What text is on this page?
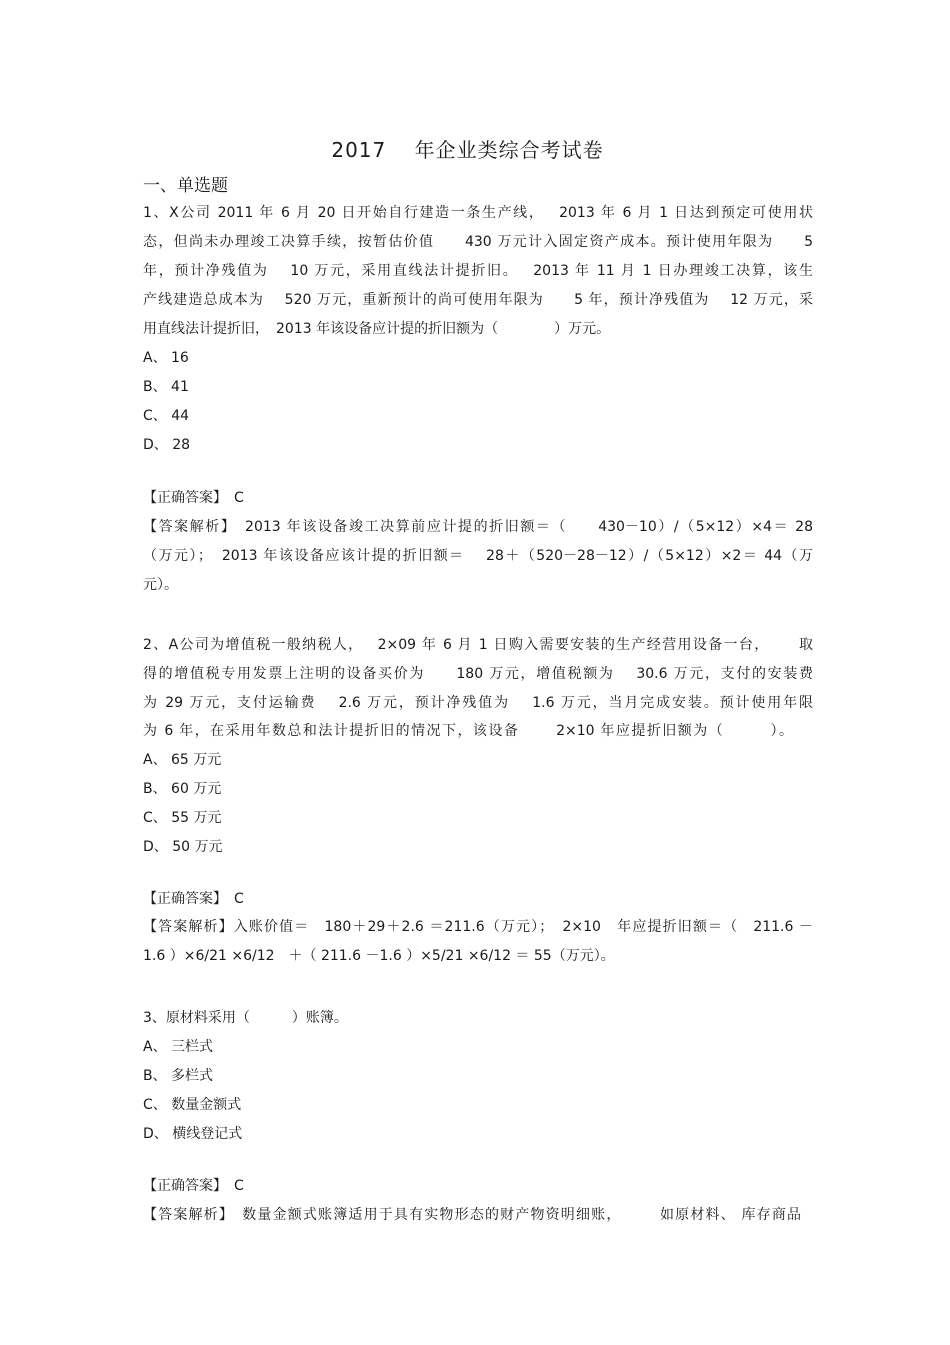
2017　 年企业类综合考试卷
一、单选题
1、X公司 2011 年 6 月 20 日开始自行建造一条生产线，　 2013 年 6 月 1 日达到预定可使用状
态，但尚未办理竣工决算手续，按暂估价值　　430 万元计入固定资产成本。预计使用年限为　　5
年，预计净残值为　 10 万元，采用直线法计提折旧。　 2013 年 11 月 1 日办理竣工决算，该生
产线建造总成本为　 520 万元，重新预计的尚可使用年限为　　5 年，预计净残值为　 12 万元，采
用直线法计提折旧，　2013 年该设备应计提的折旧额为（　　　　）万元。
A、 16
B、 41
C、 44
D、 28
【正确答案】　C
【答案解析】　2013 年该设备竣工决算前应计提的折旧额＝（　　430－10）/（5×12）×4＝ 28
（万元）；　2013 年该设备应该计提的折旧额＝　 28＋（520－28－12）/（5×12）×2＝ 44（万
元）。
2、A公司为增值税一般纳税人，　 2×09 年 6 月 1 日购入需要安装的生产经营用设备一台，　　 取
得的增值税专用发票上注明的设备买价为　　180 万元，增值税额为　 30.6 万元，支付的安装费
为 29 万元，支付运输费　 2.6 万元，预计净残值为　 1.6 万元，当月完成安装。预计使用年限
为 6 年，在采用年数总和法计提折旧的情况下，该设备　　 2×10 年应提折旧额为（　　　）。
A、 65 万元
B、 60 万元
C、 55 万元
D、 50 万元
【正确答案】　C
【答案解析】入账价值＝　180＋29＋2.6 ＝211.6（万元）；　2×10　年应提折旧额＝（　211.6 －
1.6 ）×6/21 ×6/12　＋（ 211.6 －1.6 ）×5/21 ×6/12 ＝ 55（万元）。
3、原材料采用（　　　）账簿。
A、 三栏式
B、 多栏式
C、 数量金额式
D、 横线登记式
【正确答案】　C
【答案解析】　数量金额式账簿适用于具有实物形态的财产物资明细账，　　　如原材料、 库存商品
